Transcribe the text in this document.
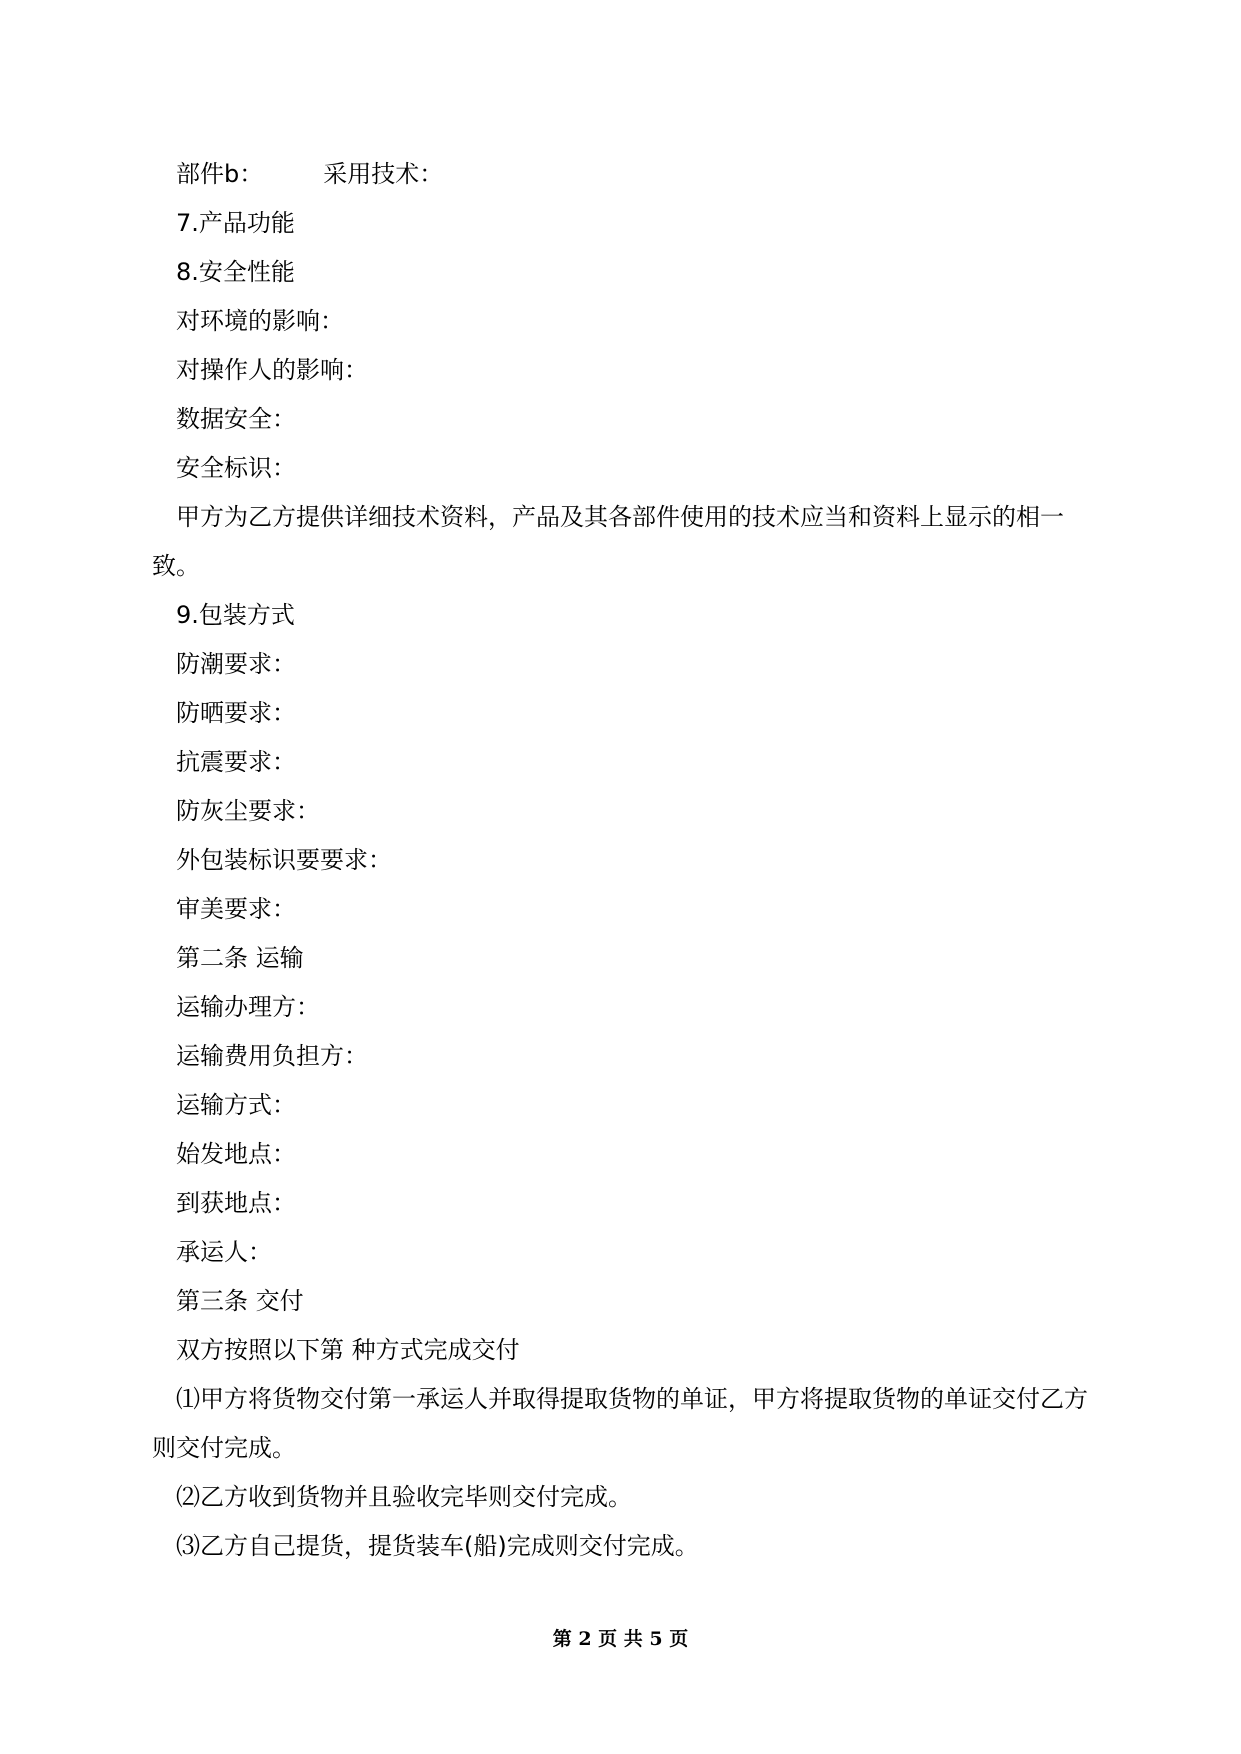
部件b：	采用技术：
7.产品功能
8.安全性能
对环境的影响：
对操作人的影响：
数据安全：
安全标识：
甲方为乙方提供详细技术资料，产品及其各部件使用的技术应当和资料上显示的相一致。
9.包装方式
防潮要求：
防晒要求：
抗震要求：
防灰尘要求：
外包装标识要要求：
审美要求：
第二条 运输
运输办理方：
运输费用负担方：
运输方式：
始发地点：
到获地点：
承运人：
第三条 交付
双方按照以下第 种方式完成交付
⑴甲方将货物交付第一承运人并取得提取货物的单证，甲方将提取货物的单证交付乙方则交付完成。
⑵乙方收到货物并且验收完毕则交付完成。
⑶乙方自己提货，提货装车(船)完成则交付完成。
第 2 页 共 5 页
